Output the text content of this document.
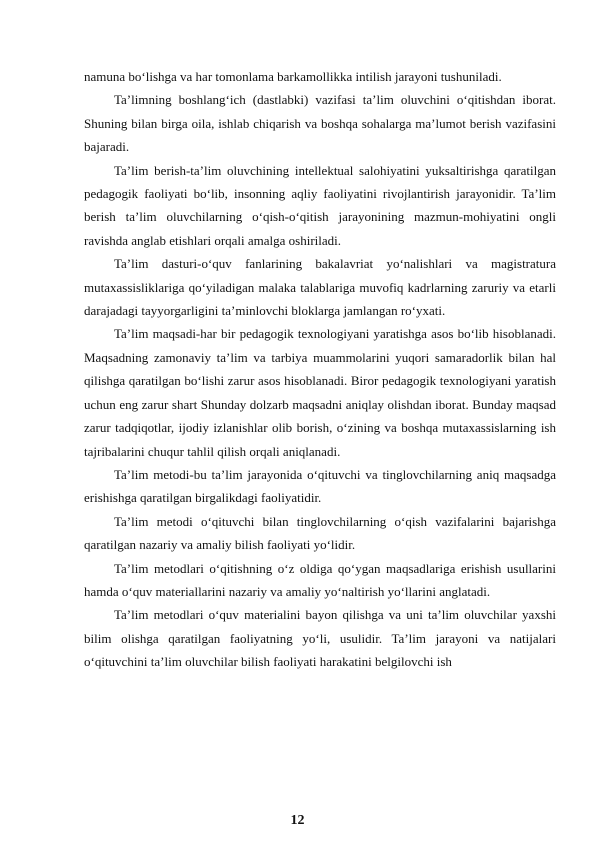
namuna bo‘lishga va har tomonlama barkamollikka intilish jarayoni tushuniladi.

Ta’limning boshlang‘ich (dastlabki) vazifasi ta’lim oluvchini o‘qitishdan iborat. Shuning bilan birga oila, ishlab chiqarish va boshqa sohalarga ma’lumot berish vazifasini bajaradi.

Ta’lim berish-ta’lim oluvchining intellektual salohiyatini yuksaltirishga qaratilgan pedagogik faoliyati bo‘lib, insonning aqliy faoliyatini rivojlantirish jarayonidir. Ta’lim berish ta’lim oluvchilarning o‘qish-o‘qitish jarayonining mazmun-mohiyatini ongli ravishda anglab etishlari orqali amalga oshiriladi.

Ta’lim dasturi-o‘quv fanlarining bakalavriat yo‘nalishlari va magistratura mutaxassisliklariga qo‘yiladigan malaka talablariga muvofiq kadrlarning zaruriy va etarli darajadagi tayyorgarligini ta’minlovchi bloklarga jamlangan ro‘yxati.

Ta’lim maqsadi-har bir pedagogik texnologiyani yaratishga asos bo‘lib hisoblanadi. Maqsadning zamonaviy ta’lim va tarbiya muammolarini yuqori samaradorlik bilan hal qilishga qaratilgan bo‘lishi zarur asos hisoblanadi. Biror pedagogik texnologiyani yaratish uchun eng zarur shart Shunday dolzarb maqsadni aniqlay olishdan iborat. Bunday maqsad zarur tadqiqotlar, ijodiy izlanishlar olib borish, o‘zining va boshqa mutaxassislarning ish tajribalarini chuqur tahlil qilish orqali aniqlanadi.

Ta’lim metodi-bu ta’lim jarayonida o‘qituvchi va tinglovchilarning aniq maqsadga erishishga qaratilgan birgalikdagi faoliyatidir.

Ta’lim metodi o‘qituvchi bilan tinglovchilarning o‘qish vazifalarini bajarishga qaratilgan nazariy va amaliy bilish faoliyati yo‘lidir.

Ta’lim metodlari o‘qitishning o‘z oldiga qo‘ygan maqsadlariga erishish usullarini hamda o‘quv materiallarini nazariy va amaliy yo‘naltirish yo‘llarini anglatadi.

Ta’lim metodlari o‘quv materialini bayon qilishga va uni ta’lim oluvchilar yaxshi bilim olishga qaratilgan faoliyatning yo‘li, usulidir. Ta’lim jarayoni va natijalari o‘qituvchini ta’lim oluvchilar bilish faoliyati harakatini belgilovchi ish

12
